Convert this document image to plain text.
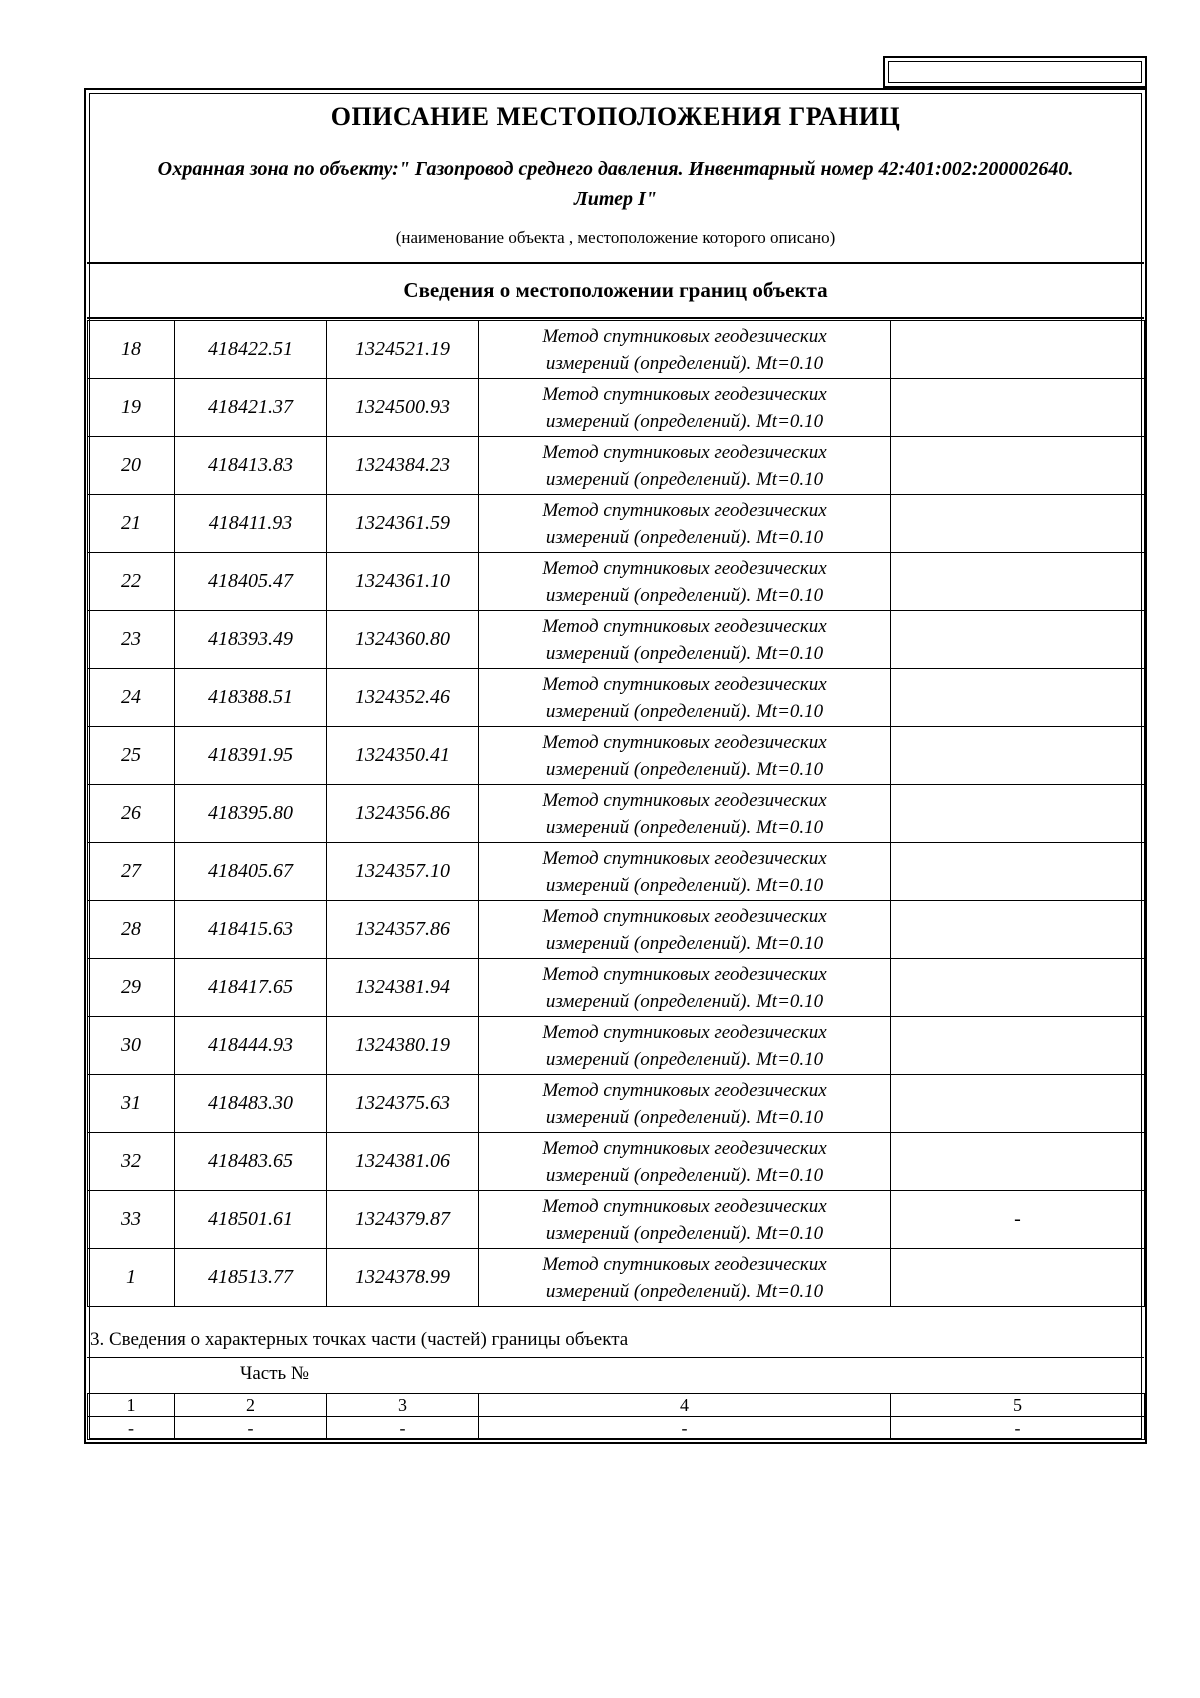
ОПИСАНИЕ МЕСТОПОЛОЖЕНИЯ ГРАНИЦ
Охранная зона по объекту:" Газопровод среднего давления. Инвентарный номер 42:401:002:200002640.
Литер I"
(наименование объекта , местоположение которого описано)
Сведения о местоположении границ объекта
18	418422.51	1324521.19	Метод спутниковых геодезических
измерений (определений). Mt=0.10	

19	418421.37	1324500.93	Метод спутниковых геодезических
измерений (определений). Mt=0.10	

20	418413.83	1324384.23	Метод спутниковых геодезических
измерений (определений). Mt=0.10	

21	418411.93	1324361.59	Метод спутниковых геодезических
измерений (определений). Mt=0.10	

22	418405.47	1324361.10	Метод спутниковых геодезических
измерений (определений). Mt=0.10	

23	418393.49	1324360.80	Метод спутниковых геодезических
измерений (определений). Mt=0.10	

24	418388.51	1324352.46	Метод спутниковых геодезических
измерений (определений). Mt=0.10	

25	418391.95	1324350.41	Метод спутниковых геодезических
измерений (определений). Mt=0.10	

26	418395.80	1324356.86	Метод спутниковых геодезических
измерений (определений). Mt=0.10	

27	418405.67	1324357.10	Метод спутниковых геодезических
измерений (определений). Mt=0.10	

28	418415.63	1324357.86	Метод спутниковых геодезических
измерений (определений). Mt=0.10	

29	418417.65	1324381.94	Метод спутниковых геодезических
измерений (определений). Mt=0.10	

30	418444.93	1324380.19	Метод спутниковых геодезических
измерений (определений). Mt=0.10	

31	418483.30	1324375.63	Метод спутниковых геодезических
измерений (определений). Mt=0.10	

32	418483.65	1324381.06	Метод спутниковых геодезических
измерений (определений). Mt=0.10	

33	418501.61	1324379.87	Метод спутниковых геодезических
измерений (определений). Mt=0.10	-
1	418513.77	1324378.99	Метод спутниковых геодезических
измерений (определений). Mt=0.10	

3. Сведения о характерных точках части (частей) границы объекта
Часть №
1	2	3	4	5
-	-	-	-	-
